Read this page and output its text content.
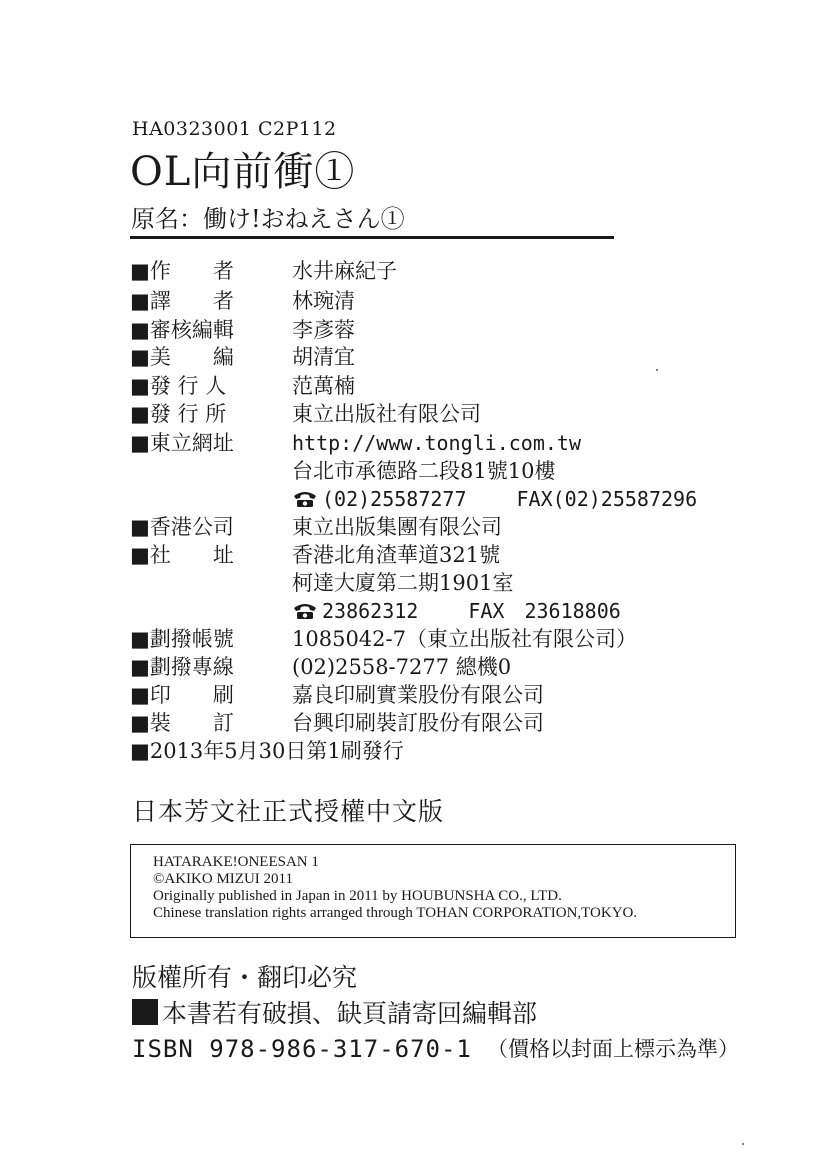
HA0323001 C2P112
OL向前衝①
原名：働け!おねえさん①
■作　　者	水井麻紀子
■譯　　者	林琬清
■審核編輯	李彥蓉
■美　　編	胡清宜
■發 行 人	范萬楠
■發 行 所	東立出版社有限公司
■東立網址	http://www.tongli.com.tw
台北市承德路二段81號10樓
(02)25587277	FAX(02)25587296
■香港公司	東立出版集團有限公司
■社　　址	香港北角渣華道321號
柯達大廈第二期1901室
23862312	FAX　23618806
■劃撥帳號	1085042-7（東立出版社有限公司）
■劃撥專線	(02)2558-7277 總機0
■印　　刷	嘉良印刷實業股份有限公司
■裝　　訂	台興印刷裝訂股份有限公司
■2013年5月30日第1刷發行
日本芳文社正式授權中文版
HATARAKE!ONEESAN 1
©AKIKO MIZUI 2011
Originally published in Japan in 2011 by HOUBUNSHA CO., LTD.
Chinese translation rights arranged through TOHAN CORPORATION,TOKYO.
版權所有・翻印必究
本書若有破損、缺頁請寄回編輯部
ISBN 978-986-317-670-1 （價格以封面上標示為準）
